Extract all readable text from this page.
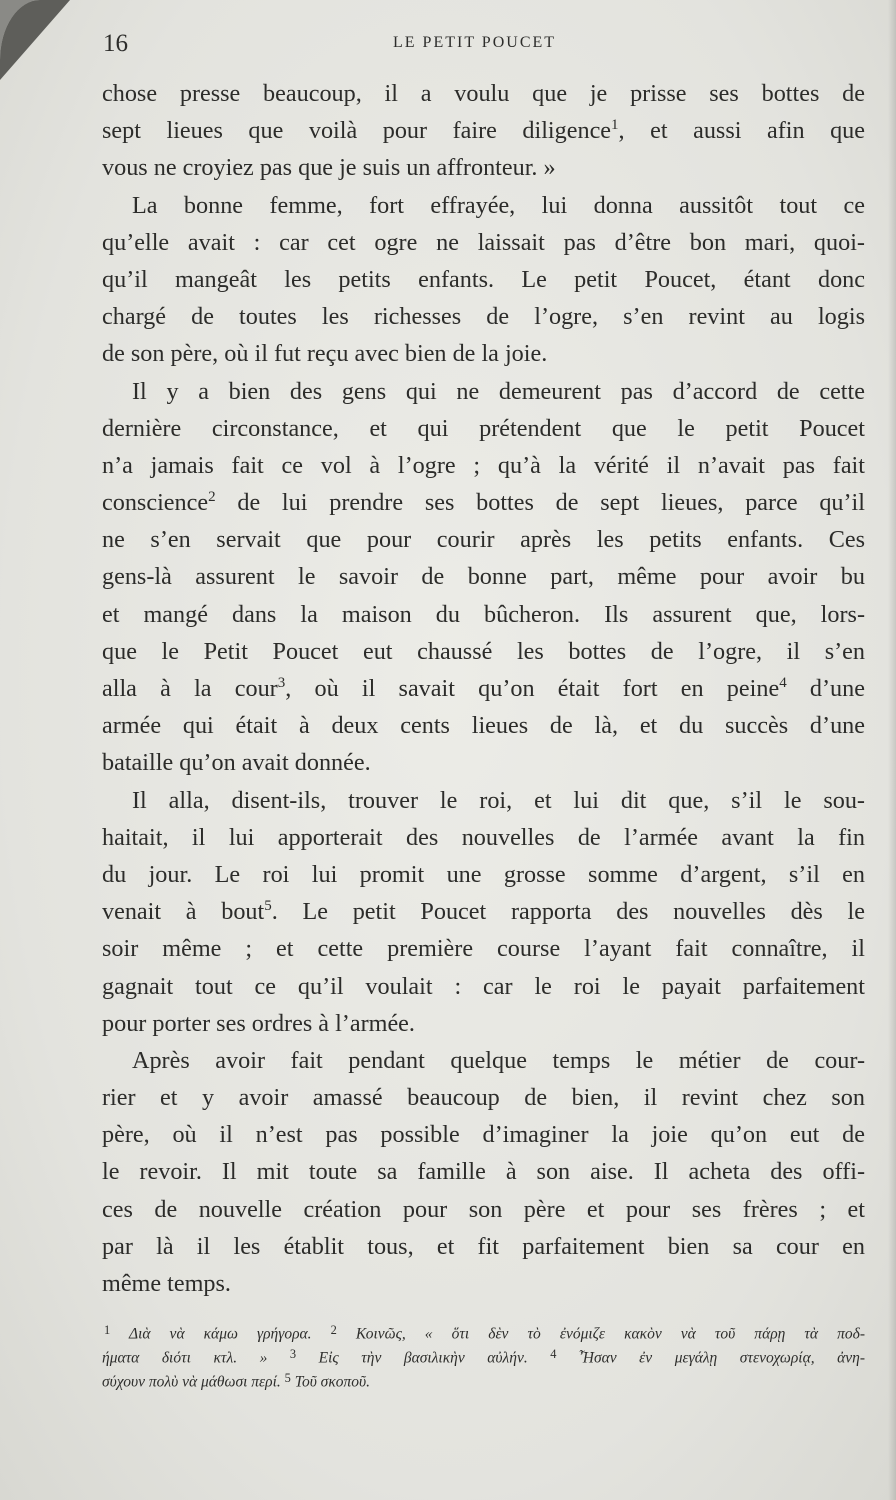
16	LE PETIT POUCET
chose presse beaucoup, il a voulu que je prisse ses bottes de
sept lieues que voilà pour faire diligence$^1$, et aussi afin que
vous ne croyiez pas que je suis un affronteur. »
La bonne femme, fort effrayée, lui donna aussitôt tout ce
qu’elle avait : car cet ogre ne laissait pas d’être bon mari, quoi-
qu’il mangeât les petits enfants. Le petit Poucet, étant donc
chargé de toutes les richesses de l’ogre, s’en revint au logis
de son père, où il fut reçu avec bien de la joie.
Il y a bien des gens qui ne demeurent pas d’accord de cette
dernière circonstance, et qui prétendent que le petit Poucet
n’a jamais fait ce vol à l’ogre ; qu’à la vérité il n’avait pas fait
conscience$^2$ de lui prendre ses bottes de sept lieues, parce qu’il
ne s’en servait que pour courir après les petits enfants. Ces
gens-là assurent le savoir de bonne part, même pour avoir bu
et mangé dans la maison du bûcheron. Ils assurent que, lors-
que le Petit Poucet eut chaussé les bottes de l’ogre, il s’en
alla à la cour$^3$, où il savait qu’on était fort en peine$^4$ d’une
armée qui était à deux cents lieues de là, et du succès d’une
bataille qu’on avait donnée.
Il alla, disent-ils, trouver le roi, et lui dit que, s’il le sou-
haitait, il lui apporterait des nouvelles de l’armée avant la fin
du jour. Le roi lui promit une grosse somme d’argent, s’il en
venait à bout$^5$. Le petit Poucet rapporta des nouvelles dès le
soir même ; et cette première course l’ayant fait connaître, il
gagnait tout ce qu’il voulait : car le roi le payait parfaitement
pour porter ses ordres à l’armée.
Après avoir fait pendant quelque temps le métier de cour-
rier et y avoir amassé beaucoup de bien, il revint chez son
père, où il n’est pas possible d’imaginer la joie qu’on eut de
le revoir. Il mit toute sa famille à son aise. Il acheta des offi-
ces de nouvelle création pour son père et pour ses frères ; et
par là il les établit tous, et fit parfaitement bien sa cour en
même temps.
$^1$ Διὰ νὰ κάμω γρήγορα. $^2$ Κοινῶς, « ὅτι δὲν τὸ ἐνόμιζε κακὸν νὰ τοῦ πάρῃ τὰ ποδ-
ήματα διότι κτλ. » $^3$ Εἰς τὴν βασιλικὴν αὐλήν. $^4$ Ἦσαν ἐν μεγάλῃ στενοχωρίᾳ, ἀνη-
σύχουν πολὺ νὰ μάθωσι περί. $^5$ Τοῦ σκοποῦ.
